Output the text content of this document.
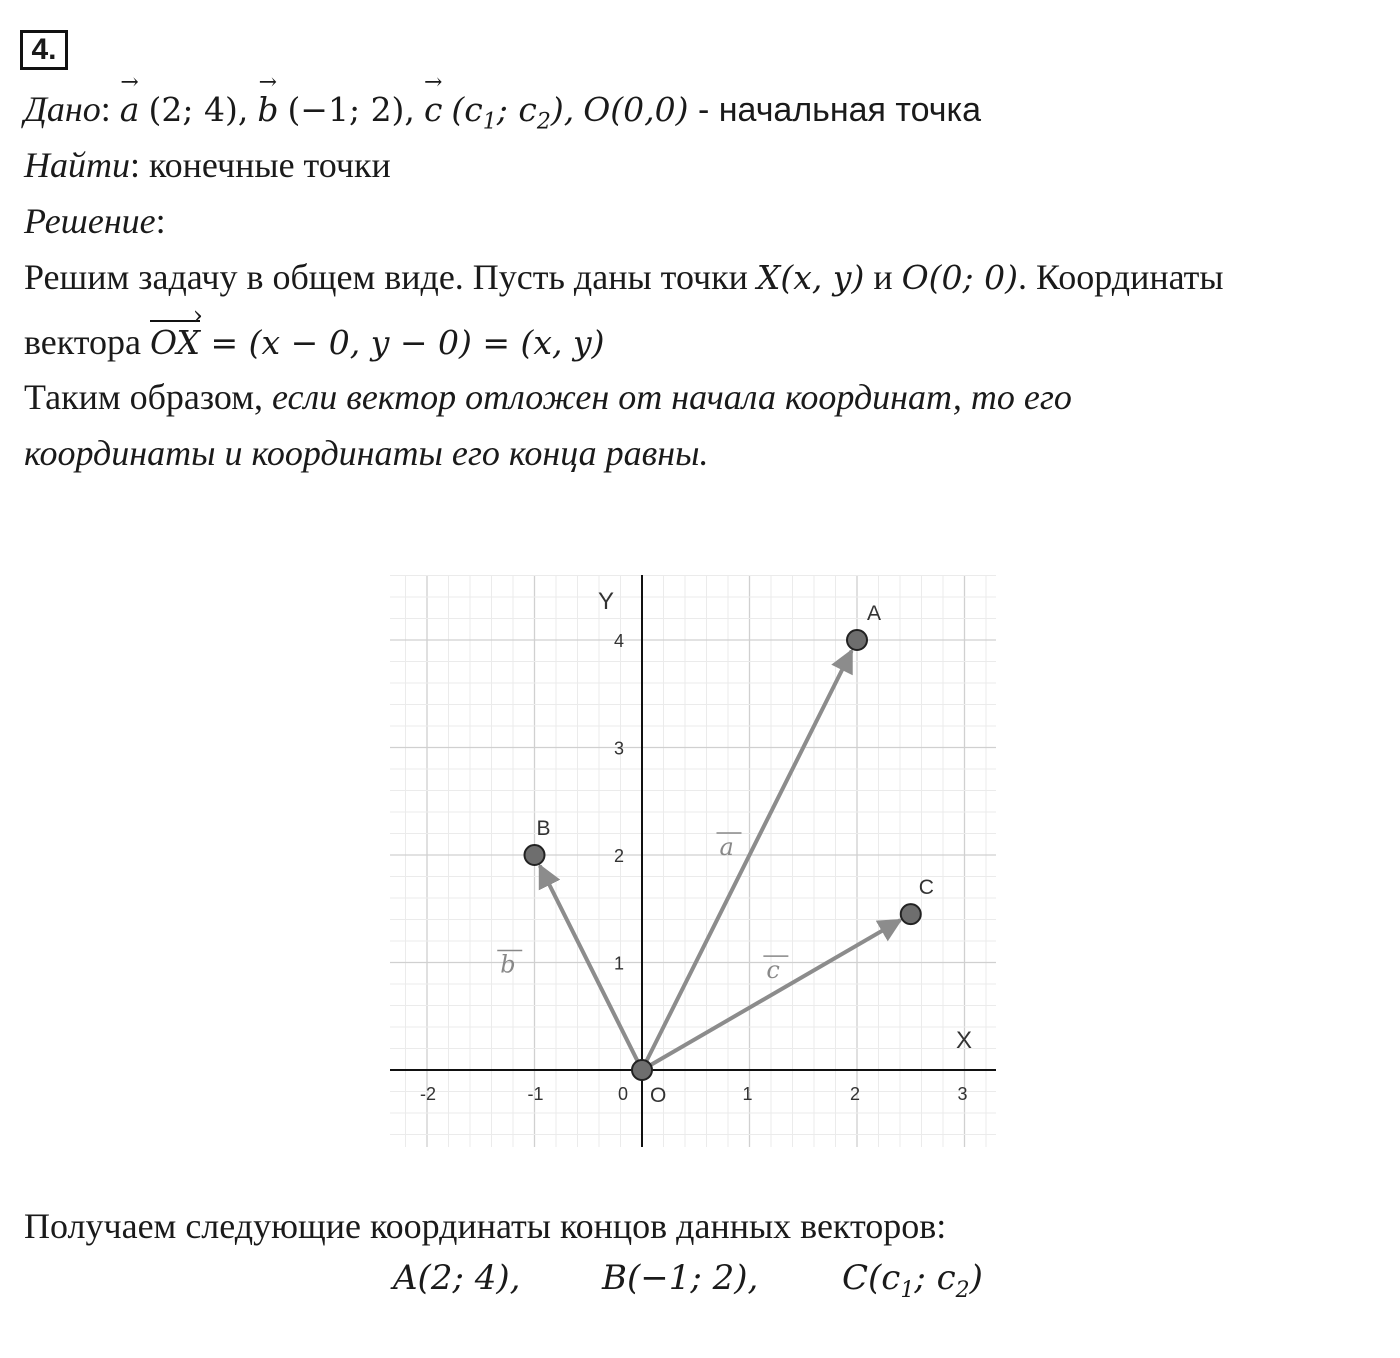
4.
Дано: → a (2; 4), → b (−1; 2), → c ($c_1$; $c_2$), O(0,0) - начальная точка
Найти: конечные точки
Решение:
Решим задачу в общем виде. Пусть даны точки X(x, y) и O(0; 0). Координаты
вектора OX › = (x − 0, y − 0) = (x, y)
Таким образом, если вектор отложен от начала координат, то его
координаты и координаты его конца равны.
-2	-1	0	1	2	3
1
2
3
4
X
Y
a
b	c
A
B
C
O
Получаем следующие координаты концов данных векторов:
A(2; 4), B(−1; 2), $C(c_1$; $c_2$)
